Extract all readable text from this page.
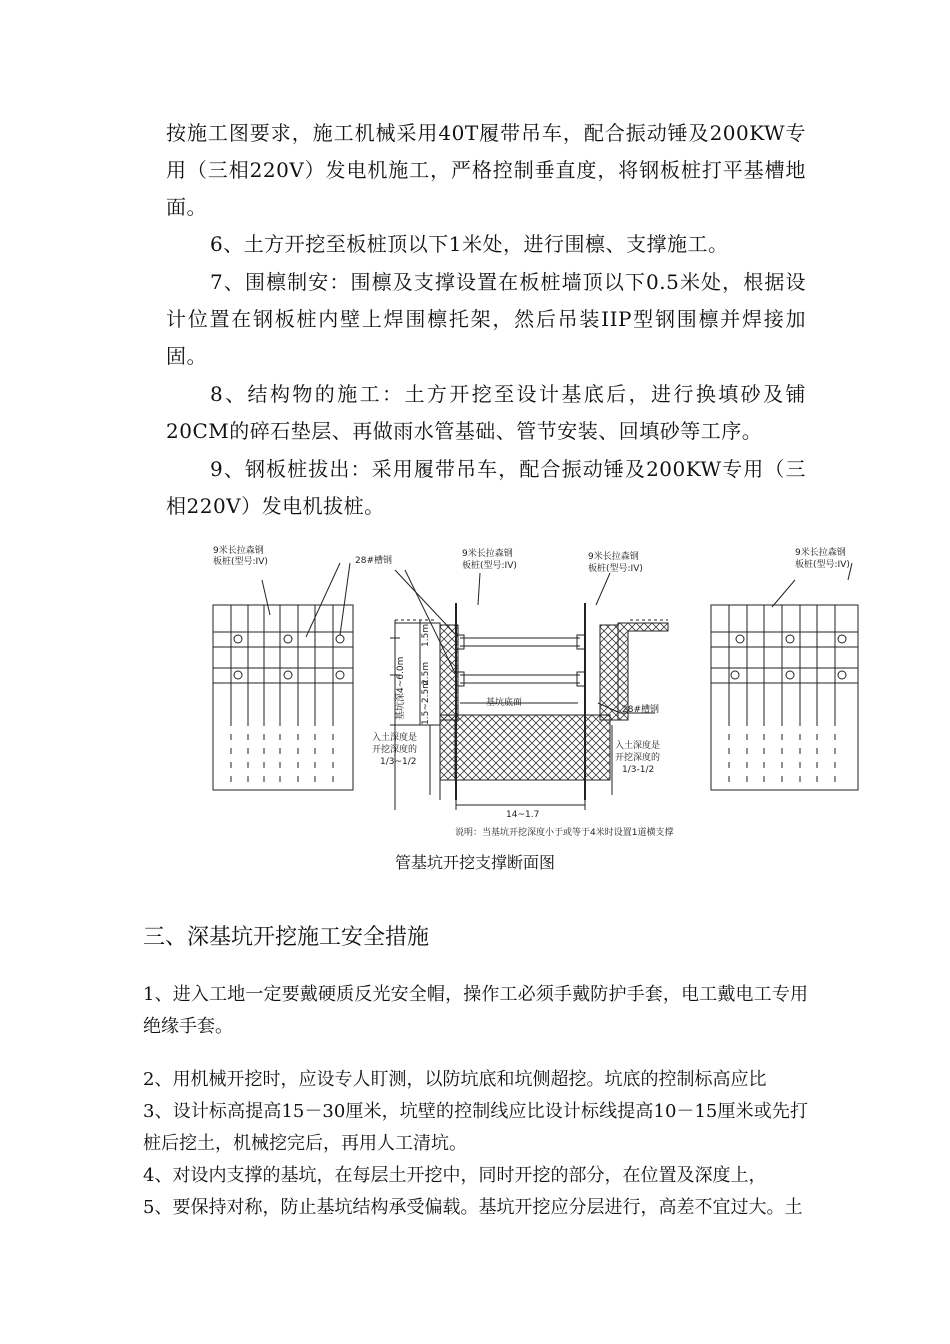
按施工图要求，施工机械采用40T履带吊车，配合振动锤及200KW专用（三相220V）发电机施工，严格控制垂直度，将钢板桩打平基槽地面。

6、土方开挖至板桩顶以下1米处，进行围檩、支撑施工。

7、围檩制安：围檩及支撑设置在板桩墙顶以下0.5米处，根据设计位置在钢板桩内壁上焊围檩托架，然后吊装IIP型钢围檩并焊接加固。

8、结构物的施工：土方开挖至设计基底后，进行换填砂及铺20CM的碎石垫层、再做雨水管基础、管节安装、回填砂等工序。

9、钢板桩拔出：采用履带吊车，配合振动锤及200KW专用（三相220V）发电机拔桩。

9米长拉森钢
板桩(型号:IV)	28#槽钢
9米长拉森钢
板桩(型号:IV)
9米长拉森钢
板桩(型号:IV)
9米长拉森钢
板桩(型号:IV)
28#槽钢
基坑底面
入土深度是
开挖深度的
1/3~1/2
入土深度是
开挖深度的
1/3-1/2
14~1.7
基坑深4~6.0m
1.5m
2.5m
1.5~2.5m
说明：当基坑开挖深度小于或等于4米时设置1道横支撑
管基坑开挖支撑断面图
三、深基坑开挖施工安全措施

1、进入工地一定要戴硬质反光安全帽，操作工必须手戴防护手套，电工戴电工专用绝缘手套。

2、用机械开挖时，应设专人盯测，以防坑底和坑侧超挖。坑底的控制标高应比

3、设计标高提高15－30厘米，坑壁的控制线应比设计标线提高10－15厘米或先打桩后挖土，机械挖完后，再用人工清坑。

4、对设内支撑的基坑，在每层土开挖中，同时开挖的部分，在位置及深度上，

5、要保持对称，防止基坑结构承受偏载。基坑开挖应分层进行，高差不宜过大。土
